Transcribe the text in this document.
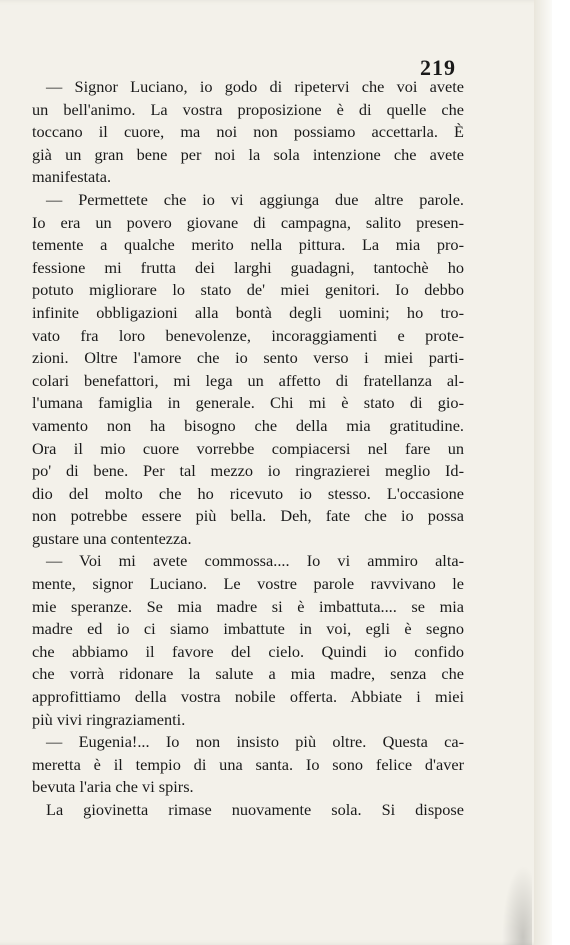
219
— Signor Luciano, io godo di ripetervi che voi avete
un bell'animo. La vostra proposizione è di quelle che
toccano il cuore, ma noi non possiamo accettarla. È
già un gran bene per noi la sola intenzione che avete
manifestata.
— Permettete che io vi aggiunga due altre parole.
Io era un povero giovane di campagna, salito presen-
temente a qualche merito nella pittura. La mia pro-
fessione mi frutta dei larghi guadagni, tantochè ho
potuto migliorare lo stato de' miei genitori. Io debbo
infinite obbligazioni alla bontà degli uomini; ho tro-
vato fra loro benevolenze, incoraggiamenti e prote-
zioni. Oltre l'amore che io sento verso i miei parti-
colari benefattori, mi lega un affetto di fratellanza al-
l'umana famiglia in generale. Chi mi è stato di gio-
vamento non ha bisogno che della mia gratitudine.
Ora il mio cuore vorrebbe compiacersi nel fare un
po' di bene. Per tal mezzo io ringrazierei meglio Id-
dio del molto che ho ricevuto io stesso. L'occasione
non potrebbe essere più bella. Deh, fate che io possa
gustare una contentezza.
— Voi mi avete commossa.... Io vi ammiro alta-
mente, signor Luciano. Le vostre parole ravvivano le
mie speranze. Se mia madre si è imbattuta.... se mia
madre ed io ci siamo imbattute in voi, egli è segno
che abbiamo il favore del cielo. Quindi io confido
che vorrà ridonare la salute a mia madre, senza che
approfittiamo della vostra nobile offerta. Abbiate i miei
più vivi ringraziamenti.
— Eugenia!... Io non insisto più oltre. Questa ca-
meretta è il tempio di una santa. Io sono felice d'aver
bevuta l'aria che vi spirs.
La giovinetta rimase nuovamente sola. Si dispose
